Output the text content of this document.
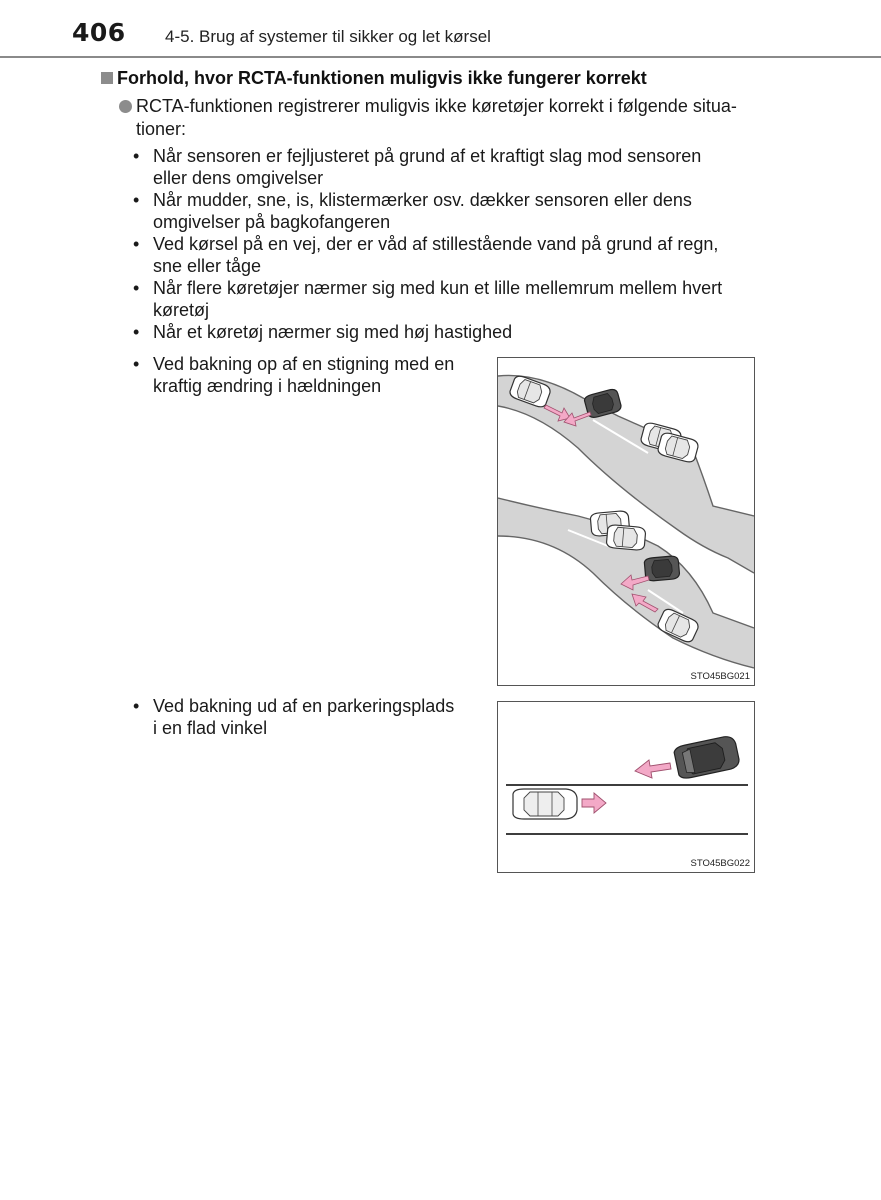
406 4-5. Brug af systemer til sikker og let kørsel
Forhold, hvor RCTA-funktionen muligvis ikke fungerer korrekt
RCTA-funktionen registrerer muligvis ikke køretøjer korrekt i følgende situa-
tioner:
• Når sensoren er fejljusteret på grund af et kraftigt slag mod sensoren
eller dens omgivelser
• Når mudder, sne, is, klistermærker osv. dækker sensoren eller dens
omgivelser på bagkofangeren
• Ved kørsel på en vej, der er våd af stillestående vand på grund af regn,
sne eller tåge
• Når flere køretøjer nærmer sig med kun et lille mellemrum mellem hvert
køretøj
• Når et køretøj nærmer sig med høj hastighed
• Ved bakning op af en stigning med en
kraftig ændring i hældningen
• Ved bakning ud af en parkeringsplads
i en flad vinkel
STO45BG021
STO45BG022
